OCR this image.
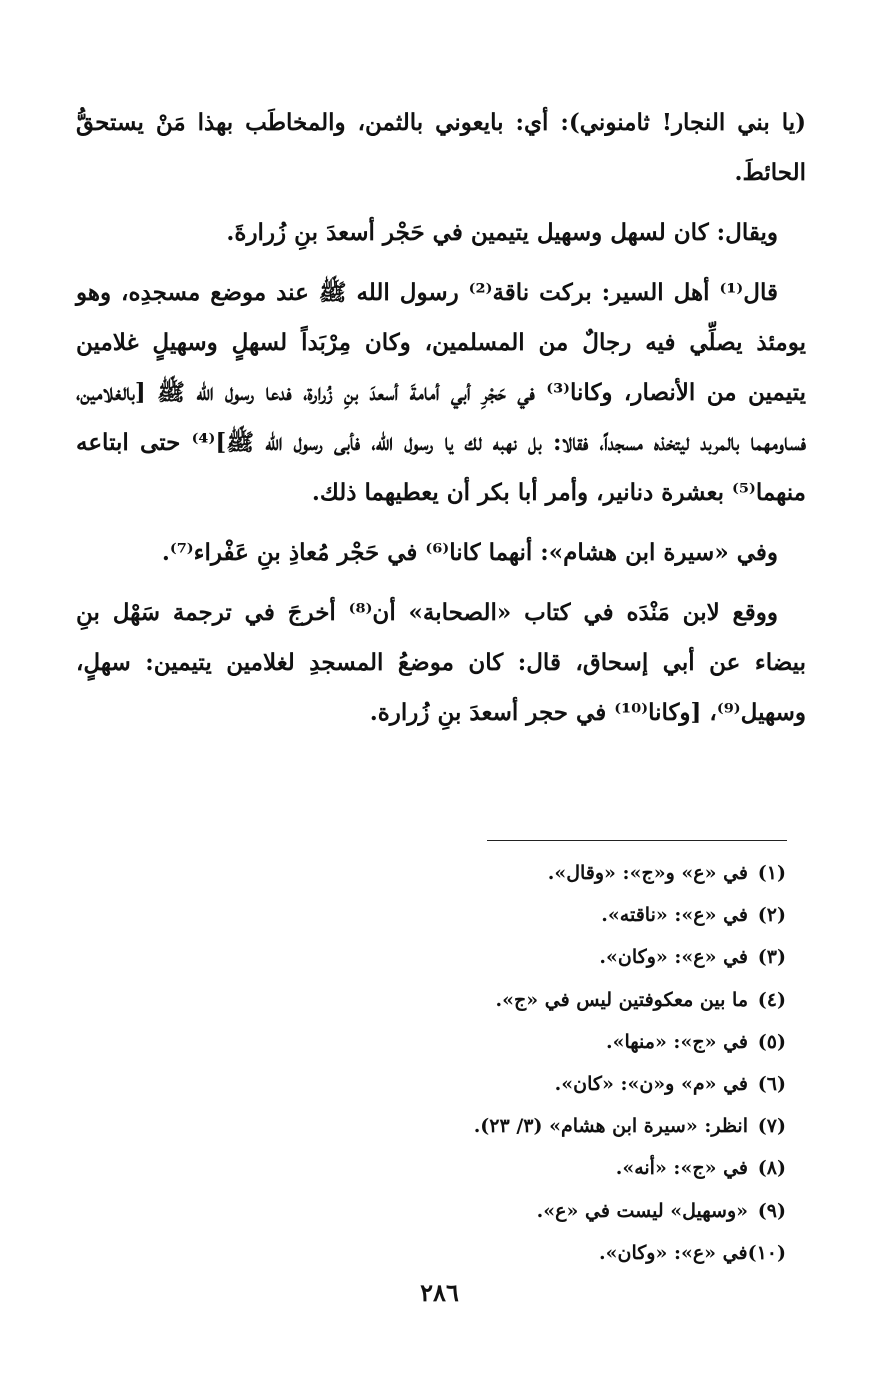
(يا بني النجار! ثامنوني): أي: بايعوني بالثمن، والمخاطَب بهذا مَنْ يستحقُّ الحائطَ.

ويقال: كان لسهل وسهيل يتيمين في حَجْر أسعدَ بنِ زُرارةَ.

قال⁽¹⁾ أهل السير: بركت ناقة⁽²⁾ رسول الله ﷺ عند موضع مسجدِه، وهو يومئذ يصلِّي فيه رجالٌ من المسلمين، وكان مِرْبَداً لسهلٍ وسهيلٍ غلامين يتيمين من الأنصار، وكانا⁽³⁾ في حَجْرِ أبي أمامةَ أسعدَ بنِ زُرارة، فدعا رسول الله ﷺ [بالغلامين، فساومهما بالمربد ليتخذه مسجداً، فقالا: بل نهبه لك يا رسول الله، فأبى رسول الله ﷺ]⁽⁴⁾ حتى ابتاعه منهما⁽⁵⁾ بعشرة دنانير، وأمر أبا بكر أن يعطيهما ذلك.

وفي «سيرة ابن هشام»: أنهما كانا⁽⁶⁾ في حَجْر مُعاذِ بنِ عَفْراء⁽⁷⁾.

ووقع لابن مَنْدَه في كتاب «الصحابة» أن⁽⁸⁾ أخرجَ في ترجمة سَهْل بنِ بيضاء عن أبي إسحاق، قال: كان موضعُ المسجدِ لغلامين يتيمين: سهلٍ، وسهيل⁽⁹⁾، [وكانا⁽¹⁰⁾ في حجر أسعدَ بنِ زُرارة.

(١)في «ع» و«ج»: «وقال».
(٢)في «ع»: «ناقته».
(٣)في «ع»: «وكان».
(٤)ما بين معكوفتين ليس في «ج».
(٥)في «ج»: «منها».
(٦)في «م» و«ن»: «كان».
(٧)انظر: «سيرة ابن هشام» (٣/ ٢٣).
(٨)في «ج»: «أنه».
(٩)«وسهيل» ليست في «ع».
(١٠)في «ع»: «وكان».
٢٨٦
